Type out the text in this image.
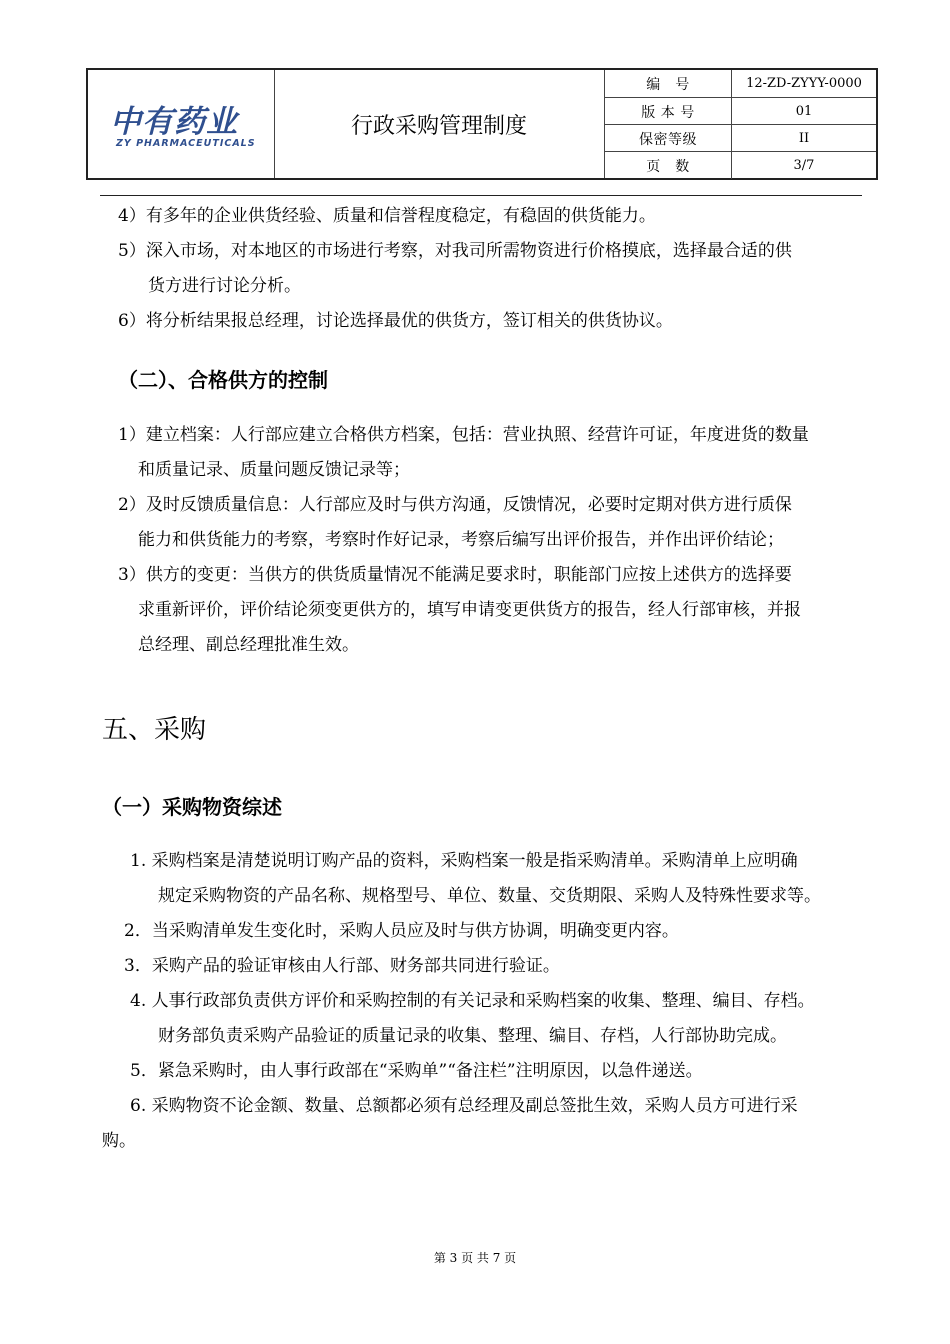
中有药业
ZY PHARMACEUTICALS
行政采购管理制度
编　号	12-ZD-ZYYY-0000
版 本 号	01
保密等级	II
页　数	3/7
4）有多年的企业供货经验、质量和信誉程度稳定，有稳固的供货能力。
5）深入市场，对本地区的市场进行考察，对我司所需物资进行价格摸底，选择最合适的供
货方进行讨论分析。
6）将分析结果报总经理，讨论选择最优的供货方，签订相关的供货协议。
（二）、合格供方的控制
1）建立档案：人行部应建立合格供方档案，包括：营业执照、经营许可证，年度进货的数量
和质量记录、质量问题反馈记录等；
2）及时反馈质量信息：人行部应及时与供方沟通，反馈情况，必要时定期对供方进行质保
能力和供货能力的考察，考察时作好记录，考察后编写出评价报告，并作出评价结论；
3）供方的变更：当供方的供货质量情况不能满足要求时，职能部门应按上述供方的选择要
求重新评价，评价结论须变更供方的，填写申请变更供货方的报告，经人行部审核，并报
总经理、副总经理批准生效。
五、采购
（一）采购物资综述
1. 采购档案是清楚说明订购产品的资料，采购档案一般是指采购清单。采购清单上应明确
规定采购物资的产品名称、规格型号、单位、数量、交货期限、采购人及特殊性要求等。
2．当采购清单发生变化时，采购人员应及时与供方协调，明确变更内容。
3．采购产品的验证审核由人行部、财务部共同进行验证。
4. 人事行政部负责供方评价和采购控制的有关记录和采购档案的收集、整理、编目、存档。
财务部负责采购产品验证的质量记录的收集、整理、编目、存档，人行部协助完成。
5．紧急采购时，由人事行政部在“采购单”“备注栏”注明原因，以急件递送。
6. 采购物资不论金额、数量、总额都必须有总经理及副总签批生效，采购人员方可进行采
购。
第 3 页 共 7 页
